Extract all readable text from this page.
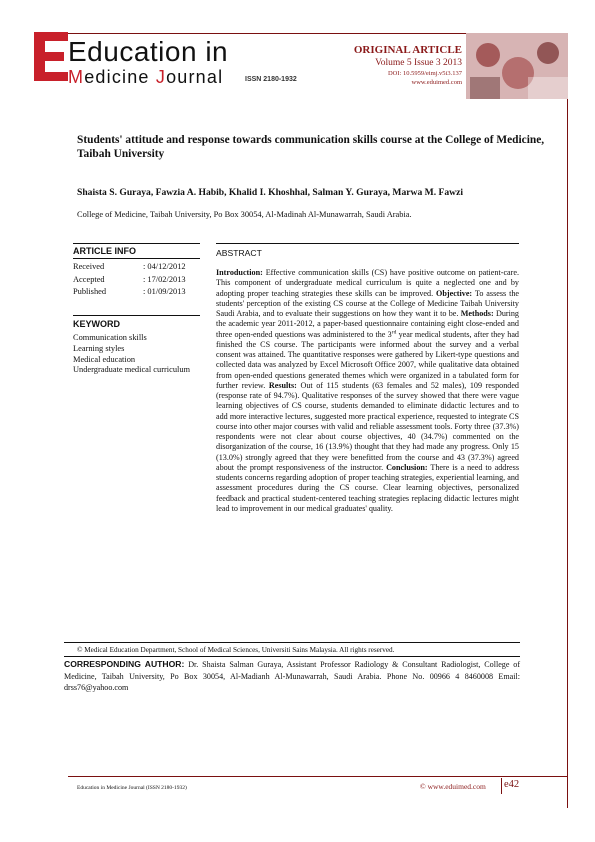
Education in
Medicine Journal	ISSN 2180-1932
ORIGINAL ARTICLE
Volume 5 Issue 3 2013
DOI: 10.5959/eimj.v5i3.137
www.eduimed.com
Students' attitude and response towards communication skills course at the College of Medicine, Taibah University
Shaista S. Guraya, Fawzia A. Habib, Khalid I. Khoshhal, Salman Y. Guraya, Marwa M. Fawzi
College of Medicine, Taibah University, Po Box 30054, Al-Madinah Al-Munawarrah, Saudi Arabia.
ARTICLE INFO
Received	: 04/12/2012
Accepted	: 17/02/2013
Published	: 01/09/2013
KEYWORD
Communication skills
Learning styles
Medical education
Undergraduate medical curriculum
ABSTRACT
Introduction: Effective communication skills (CS) have positive outcome on patient-care. This component of undergraduate medical curriculum is quite a neglected one and by adopting proper teaching strategies these skills can be improved. Objective: To assess the students' perception of the existing CS course at the College of Medicine Taibah University Saudi Arabia, and to evaluate their suggestions on how they want it to be. Methods: During the academic year 2011-2012, a paper-based questionnaire containing eight close-ended and three open-ended questions was administered to the 3rd year medical students, after they had finished the CS course. The participants were informed about the survey and a verbal consent was attained. The quantitative responses were gathered by Likert-type questions and collected data was analyzed by Excel Microsoft Office 2007, while qualitative data obtained from open-ended questions generated themes which were organized in a tabulated form for further review. Results: Out of 115 students (63 females and 52 males), 109 responded (response rate of 94.7%). Qualitative responses of the survey showed that there were vague learning objectives of CS course, students demanded to eliminate didactic lectures and to add more interactive lectures, suggested more practical experience, requested to integrate CS course into other major courses with valid and reliable assessment tools. Forty three (37.3%) respondents were not clear about course objectives, 40 (34.7%) commented on the disorganization of the course, 16 (13.9%) thought that they had made any progress. Only 15 (13.0%) strongly agreed that they were benefitted from the course and 43 (37.3%) agreed about the prompt responsiveness of the instructor. Conclusion: There is a need to address students concerns regarding adoption of proper teaching strategies, experiential learning, and assessment procedures during the CS course. Clear learning objectives, personalized feedback and practical student-centered teaching strategies replacing didactic lectures might lead to improvement in our medical graduates' quality.
© Medical Education Department, School of Medical Sciences, Universiti Sains Malaysia. All rights reserved.
CORRESPONDING AUTHOR: Dr. Shaista Salman Guraya, Assistant Professor Radiology & Consultant Radiologist, College of Medicine, Taibah University, Po Box 30054, Al-Madianh Al-Munawarrah, Saudi Arabia. Phone No. 00966 4 8460008 Email: drss76@yahoo.com
Education in Medicine Journal (ISSN 2180-1932)	© www.eduimed.com e42
